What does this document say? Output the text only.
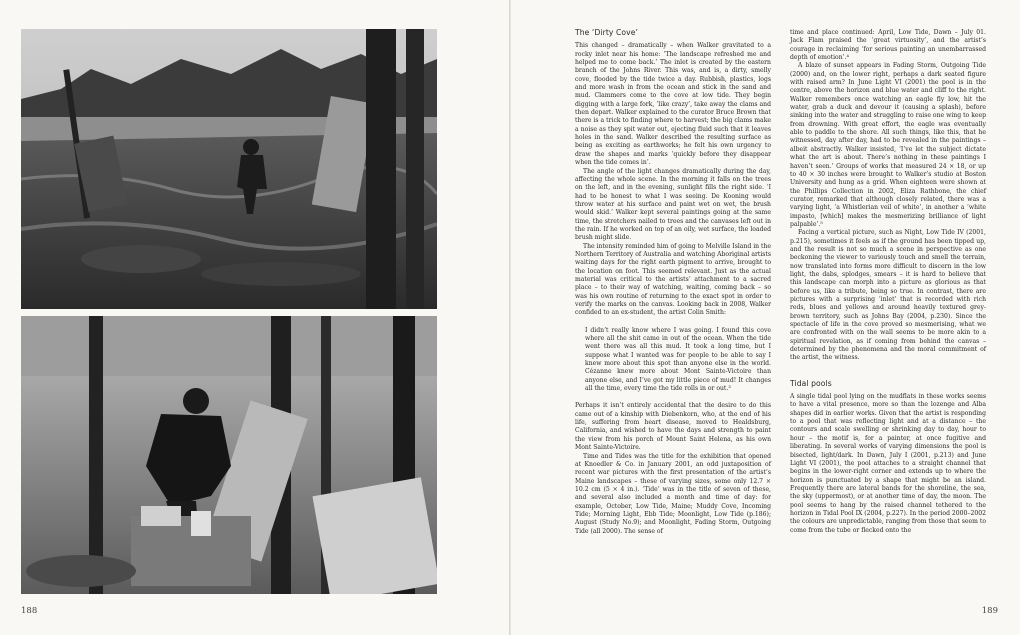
188
The ‘Dirty Cove’

This changed – dramatically – when Walker gravitated to a rocky inlet near his home: ‘The landscape refreshed me and helped me to come back.’ The inlet is created by the eastern branch of the Johns River. This was, and is, a dirty, smelly cove, flooded by the tide twice a day. Rubbish, plastics, logs and more wash in from the ocean and stick in the sand and mud. Clammers come to the cove at low tide. They begin digging with a large fork, ‘like crazy’, take away the clams and then depart. Walker explained to the curator Bruce Brown that there is a trick to finding where to harvest; the big clams make a noise as they spit water out, ejecting fluid such that it leaves holes in the sand. Walker described the resulting surface as being as exciting as earthworks; he felt his own urgency to draw the shapes and marks ‘quickly before they disappear when the tide comes in’.

The angle of the light changes dramatically during the day, affecting the whole scene. In the morning it falls on the trees on the left, and in the evening, sunlight fills the right side. ‘I had to be honest to what I was seeing. De Kooning would throw water at his surface and paint wet on wet, the brush would skid.’ Walker kept several paintings going at the same time, the stretchers nailed to trees and the canvases left out in the rain. If he worked on top of an oily, wet surface, the loaded brush might slide.

The intensity reminded him of going to Melville Island in the Northern Territory of Australia and watching Aboriginal artists waiting days for the right earth pigment to arrive, brought to the location on foot. This seemed relevant. Just as the actual material was critical to the artists’ attachment to a sacred place – to their way of watching, waiting, coming back – so was his own routine of returning to the exact spot in order to verify the marks on the canvas. Looking back in 2008, Walker confided to an ex-student, the artist Colin Smith:

I didn’t really know where I was going. I found this cove where all the shit came in out of the ocean. When the tide went there was all this mud. It took a long time, but I suppose what I wanted was for people to be able to say I knew more about this spot than anyone else in the world. Cézanne knew more about Mont Sainte-Victoire than anyone else, and I’ve got my little piece of mud! It changes all the time, every time the tide rolls in or out.³

Perhaps it isn’t entirely accidental that the desire to do this came out of a kinship with Diebenkorn, who, at the end of his life, suffering from heart disease, moved to Healdsburg, California, and wished to have the days and strength to paint the view from his porch of Mount Saint Helena, as his own Mont Sainte-Victoire.

Time and Tides was the title for the exhibition that opened at Knoedler & Co. in January 2001, an odd juxtaposition of recent war pictures with the first presentation of the artist’s Maine landscapes – these of varying sizes, some only 12.7 × 10.2 cm (5 × 4 in.). ‘Tide’ was in the title of seven of these, and several also included a month and time of day: for example, October, Low Tide, Maine; Muddy Cove, Incoming Tide; Morning Light, Ebb Tide; Moonlight, Low Tide (p.186); August (Study No.9); and Moonlight, Fading Storm, Outgoing Tide (all 2000). The sense of

time and place continued: April, Low Tide, Dawn – July 01. Jack Flam praised the ‘great virtuosity’, and the artist’s courage in reclaiming ‘for serious painting an unembarrassed depth of emotion’.⁴

A blaze of sunset appears in Fading Storm, Outgoing Tide (2000) and, on the lower right, perhaps a dark seated figure with raised arm? In June Light VI (2001) the pool is in the centre, above the horizon and blue water and cliff to the right. Walker remembers once watching an eagle fly low, hit the water, grab a duck and devour it (causing a splash), before sinking into the water and struggling to raise one wing to keep from drowning. With great effort, the eagle was eventually able to paddle to the shore. All such things, like this, that he witnessed, day after day, had to be revealed in the paintings – albeit abstractly. Walker insisted, ‘I’ve let the subject dictate what the art is about. There’s nothing in these paintings I haven’t seen.’ Groups of works that measured 24 × 18, or up to 40 × 30 inches were brought to Walker’s studio at Boston University and hung as a grid. When eighteen were shown at the Phillips Collection in 2002, Eliza Rathbone, the chief curator, remarked that although closely related, there was a varying light, ‘a Whistlerian veil of white’, in another a ‘white impasto, [which] makes the mesmerizing brilliance of light palpable’.⁵

Facing a vertical picture, such as Night, Low Tide IV (2001, p.215), sometimes it feels as if the ground has been tipped up, and the result is not so much a scene in perspective as one beckoning the viewer to variously touch and smell the terrain, now translated into forms more difficult to discern in the low light, the dabs, splodges, smears – it is hard to believe that this landscape can morph into a picture as glorious as that before us, like a tribute, being so true. In contrast, there are pictures with a surprising ‘inlet’ that is recorded with rich reds, blues and yellows and around heavily textured grey-brown territory, such as Johns Bay (2004, p.230). Since the spectacle of life in the cove proved so mesmerising, what we are confronted with on the wall seems to be more akin to a spiritual revelation, as if coming from behind the canvas – determined by the phenomena and the moral commitment of the artist, the witness.

Tidal pools

A single tidal pool lying on the mudflats in these works seems to have a vital presence, more so than the lozenge and Alba shapes did in earlier works. Given that the artist is responding to a pool that was reflecting light and at a distance – the contours and scale swelling or shrinking day to day, hour to hour – the motif is, for a painter, at once fugitive and liberating. In several works of varying dimensions the pool is bisected, light/dark. In Dawn, July I (2001, p.213) and June Light VI (2001), the pool attaches to a straight channel that begins in the lower-right corner and extends up to where the horizon is punctuated by a shape that might be an island. Frequently there are lateral bands for the shoreline, the sea, the sky (uppermost), or at another time of day, the moon. The pool seems to hang by the raised channel tethered to the horizon in Tidal Pool IX (2004, p.227). In the period 2000–2002 the colours are unpredictable, ranging from those that seem to come from the tube or flecked onto the

189
